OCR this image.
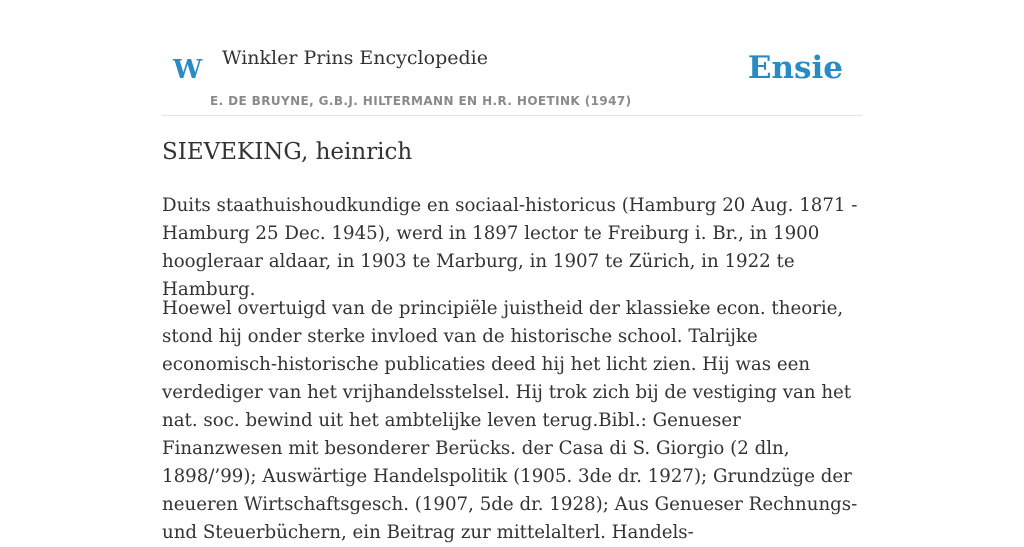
W Winkler Prins Encyclopedie
E. DE BRUYNE, G.B.J. HILTERMANN EN H.R. HOETINK (1947)
Ensie
SIEVEKING, heinrich

Duits staathuishoudkundige en sociaal-historicus (Hamburg 20 Aug. 1871 - Hamburg 25 Dec. 1945), werd in 1897 lector te Freiburg i. Br., in 1900 hoogleraar aldaar, in 1903 te Marburg, in 1907 te Zürich, in 1922 te Hamburg.

Hoewel overtuigd van de principiële juistheid der klassieke econ. theorie, stond hij onder sterke invloed van de historische school. Talrijke economisch-historische publicaties deed hij het licht zien. Hij was een verdediger van het vrijhandelsstelsel. Hij trok zich bij de vestiging van het nat. soc. bewind uit het ambtelijke leven terug.Bibl.: Genueser Finanzwesen mit besonderer Berücks. der Casa di S. Giorgio (2 dln, 1898/’99); Auswärtige Handelspolitik (1905. 3de dr. 1927); Grundzüge der neueren Wirtschaftsgesch. (1907, 5de dr. 1928); Aus Genueser Rechnungs- und Steuerbüchern, ein Beitrag zur mittelalterl. Handels-
